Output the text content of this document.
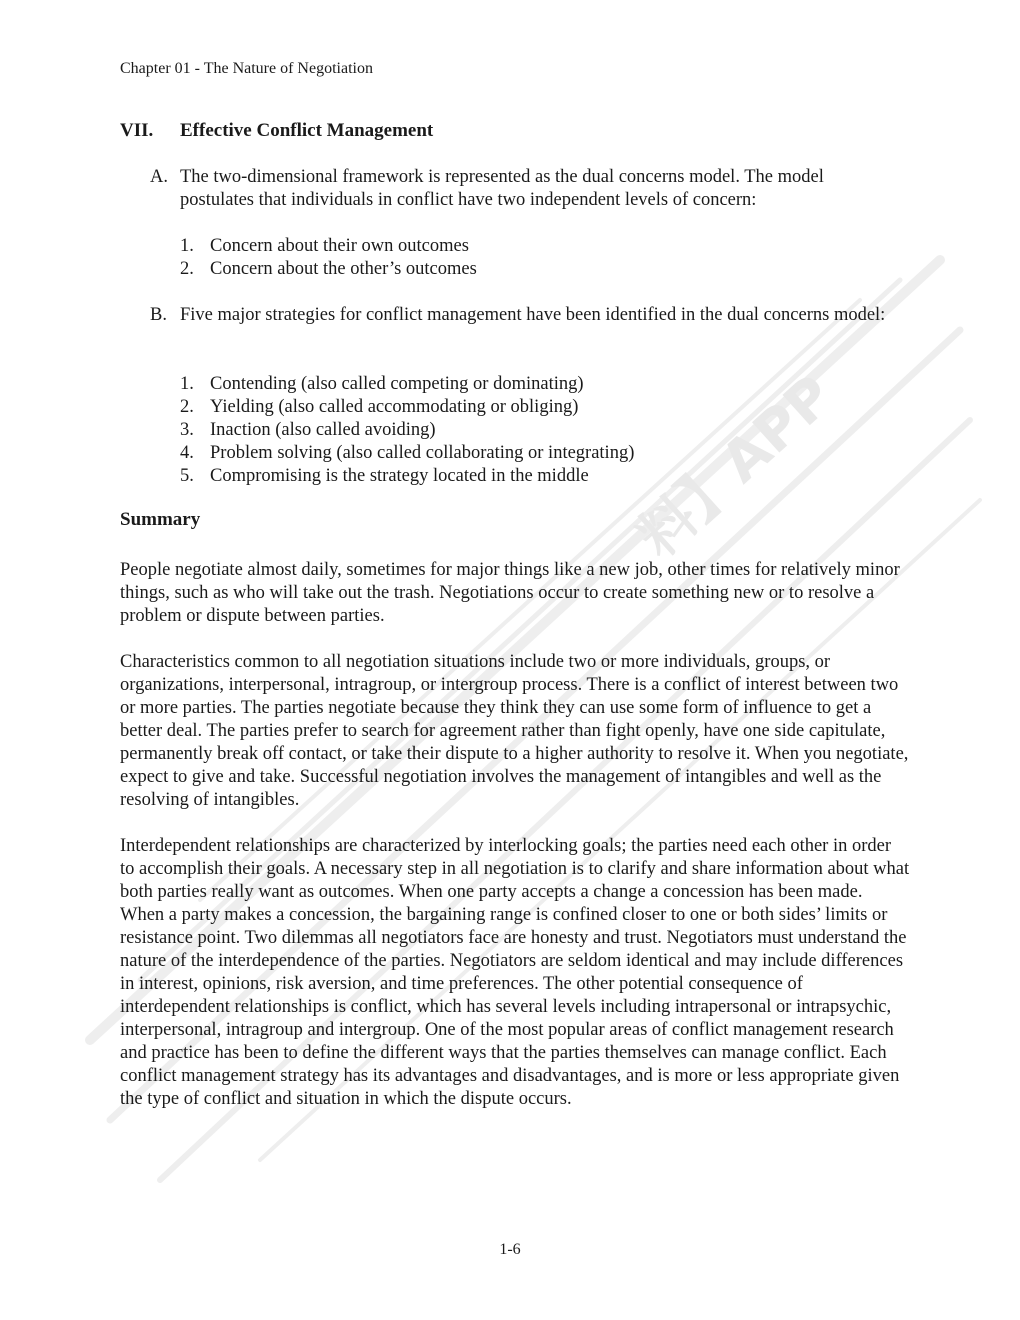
料】APP
Chapter 01 - The Nature of Negotiation
VII. Effective Conflict Management
A. The two-dimensional framework is represented as the dual concerns model. The model postulates that individuals in conflict have two independent levels of concern:
1. Concern about their own outcomes
2. Concern about the other’s outcomes
B. Five major strategies for conflict management have been identified in the dual concerns model:
1. Contending (also called competing or dominating)
2. Yielding (also called accommodating or obliging)
3. Inaction (also called avoiding)
4. Problem solving (also called collaborating or integrating)
5. Compromising is the strategy located in the middle
Summary

People negotiate almost daily, sometimes for major things like a new job, other times for relatively minor things, such as who will take out the trash. Negotiations occur to create something new or to resolve a problem or dispute between parties.

Characteristics common to all negotiation situations include two or more individuals, groups, or organizations, interpersonal, intragroup, or intergroup process. There is a conflict of interest between two or more parties. The parties negotiate because they think they can use some form of influence to get a better deal. The parties prefer to search for agreement rather than fight openly, have one side capitulate, permanently break off contact, or take their dispute to a higher authority to resolve it. When you negotiate, expect to give and take. Successful negotiation involves the management of intangibles and well as the resolving of intangibles.

Interdependent relationships are characterized by interlocking goals; the parties need each other in order to accomplish their goals. A necessary step in all negotiation is to clarify and share information about what both parties really want as outcomes. When one party accepts a change a concession has been made. When a party makes a concession, the bargaining range is confined closer to one or both sides’ limits or resistance point. Two dilemmas all negotiators face are honesty and trust. Negotiators must understand the nature of the interdependence of the parties. Negotiators are seldom identical and may include differences in interest, opinions, risk aversion, and time preferences. The other potential consequence of interdependent relationships is conflict, which has several levels including intrapersonal or intrapsychic, interpersonal, intragroup and intergroup. One of the most popular areas of conflict management research and practice has been to define the different ways that the parties themselves can manage conflict. Each conflict management strategy has its advantages and disadvantages, and is more or less appropriate given the type of conflict and situation in which the dispute occurs.

1-6
